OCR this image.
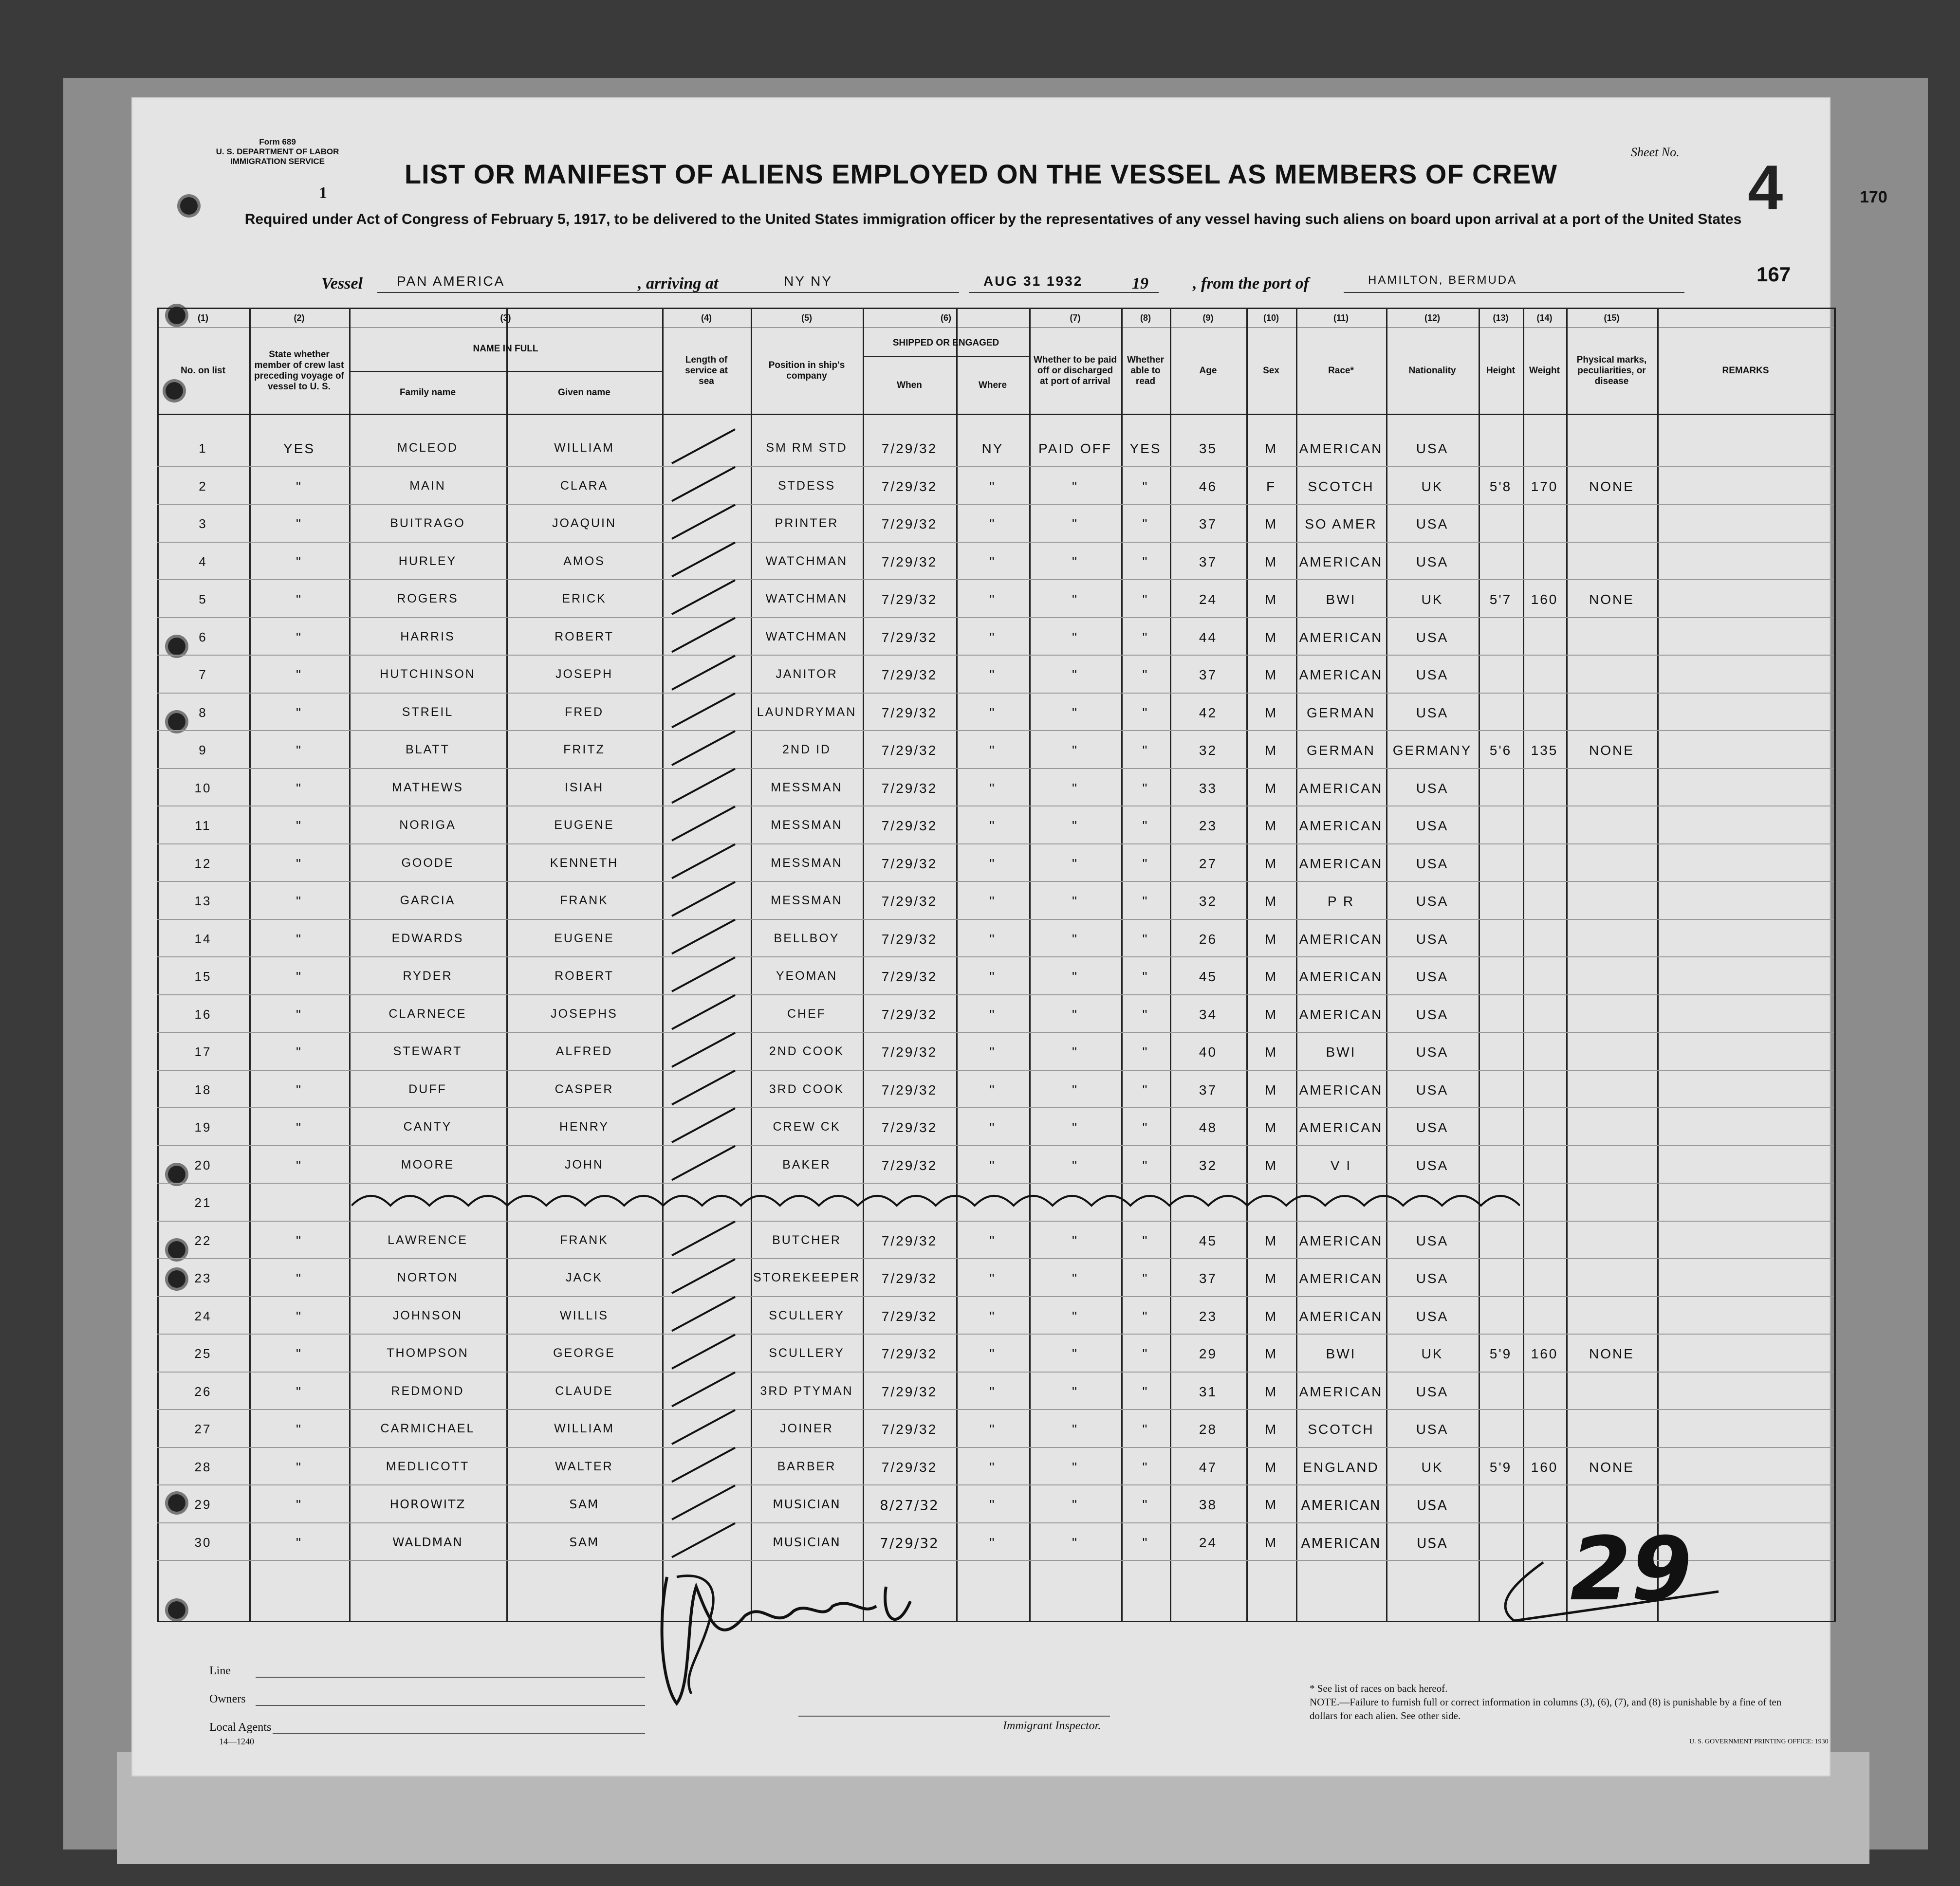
Form 689
U. S. DEPARTMENT OF LABOR
IMMIGRATION SERVICE
1
LIST OR MANIFEST OF ALIENS EMPLOYED ON THE VESSEL AS MEMBERS OF CREW
Required under Act of Congress of February 5, 1917, to be delivered to the United States immigration officer by the representatives of any vessel having such aliens on board upon arrival at a port of the United States
Sheet No. 4	170
167
Vessel	PAN AMERICA	, arriving at	NY NY	AUG 31 1932	19	, from the port of	HAMILTON, BERMUDA
(1)	(2)	(3)	(4)	(5)	(6)	(7)	(8)	(9)	(10)	(11)	(12)	(13)	(14)	(15)
No. on list
State whether member of crew last preceding voyage of vessel to U. S.
NAME IN FULL
Family name	Given name
Length of service at sea
Position in ship's company
SHIPPED OR ENGAGED
When	Where
Whether to be paid off or discharged at port of arrival
Whether able to read
Age	Sex	Race*	Nationality	Height	Weight
Physical marks, peculiarities, or disease
REMARKS
1	YES	MCLEOD	WILLIAM	SM RM STD	7/29/32	NY	PAID OFF	YES	35	M	AMERICAN	USA
2	"	MAIN	CLARA	STDESS	7/29/32	"	"	"	46	F	SCOTCH	UK	5'8	170	NONE
3	"	BUITRAGO	JOAQUIN	PRINTER	7/29/32	"	"	"	37	M	SO AMER	USA
4	"	HURLEY	AMOS	WATCHMAN	7/29/32	"	"	"	37	M	AMERICAN	USA
5	"	ROGERS	ERICK	WATCHMAN	7/29/32	"	"	"	24	M	BWI	UK	5'7	160	NONE
6	"	HARRIS	ROBERT	WATCHMAN	7/29/32	"	"	"	44	M	AMERICAN	USA
7	"	HUTCHINSON	JOSEPH	JANITOR	7/29/32	"	"	"	37	M	AMERICAN	USA
8	"	STREIL	FRED	LAUNDRYMAN	7/29/32	"	"	"	42	M	GERMAN	USA
9	"	BLATT	FRITZ	2ND ID	7/29/32	"	"	"	32	M	GERMAN	GERMANY	5'6	135	NONE
10	"	MATHEWS	ISIAH	MESSMAN	7/29/32	"	"	"	33	M	AMERICAN	USA
11	"	NORIGA	EUGENE	MESSMAN	7/29/32	"	"	"	23	M	AMERICAN	USA
12	"	GOODE	KENNETH	MESSMAN	7/29/32	"	"	"	27	M	AMERICAN	USA
13	"	GARCIA	FRANK	MESSMAN	7/29/32	"	"	"	32	M	P R	USA
14	"	EDWARDS	EUGENE	BELLBOY	7/29/32	"	"	"	26	M	AMERICAN	USA
15	"	RYDER	ROBERT	YEOMAN	7/29/32	"	"	"	45	M	AMERICAN	USA
16	"	CLARNECE	JOSEPHS	CHEF	7/29/32	"	"	"	34	M	AMERICAN	USA
17	"	STEWART	ALFRED	2ND COOK	7/29/32	"	"	"	40	M	BWI	USA
18	"	DUFF	CASPER	3RD COOK	7/29/32	"	"	"	37	M	AMERICAN	USA
19	"	CANTY	HENRY	CREW CK	7/29/32	"	"	"	48	M	AMERICAN	USA
20	"	MOORE	JOHN	BAKER	7/29/32	"	"	"	32	M	V I	USA
21
22	"	LAWRENCE	FRANK	BUTCHER	7/29/32	"	"	"	45	M	AMERICAN	USA
23	"	NORTON	JACK	STOREKEEPER	7/29/32	"	"	"	37	M	AMERICAN	USA
24	"	JOHNSON	WILLIS	SCULLERY	7/29/32	"	"	"	23	M	AMERICAN	USA
25	"	THOMPSON	GEORGE	SCULLERY	7/29/32	"	"	"	29	M	BWI	UK	5'9	160	NONE
26	"	REDMOND	CLAUDE	3RD PTYMAN	7/29/32	"	"	"	31	M	AMERICAN	USA
27	"	CARMICHAEL	WILLIAM	JOINER	7/29/32	"	"	"	28	M	SCOTCH	USA
28	"	MEDLICOTT	WALTER	BARBER	7/29/32	"	"	"	47	M	ENGLAND	UK	5'9	160	NONE
29	"	HOROWITZ	SAM	MUSICIAN	8/27/32	"	"	"	38	M	AMERICAN	USA
30	"	WALDMAN	SAM	MUSICIAN	7/29/32	"	"	"	24	M	AMERICAN	USA
Line
Owners
Local Agents
14—1240
Immigrant Inspector.
* See list of races on back hereof.
NOTE.—Failure to furnish full or correct information in columns (3), (6), (7), and (8) is punishable by a fine of ten dollars for each alien. See other side.
U. S. GOVERNMENT PRINTING OFFICE: 1930
29
